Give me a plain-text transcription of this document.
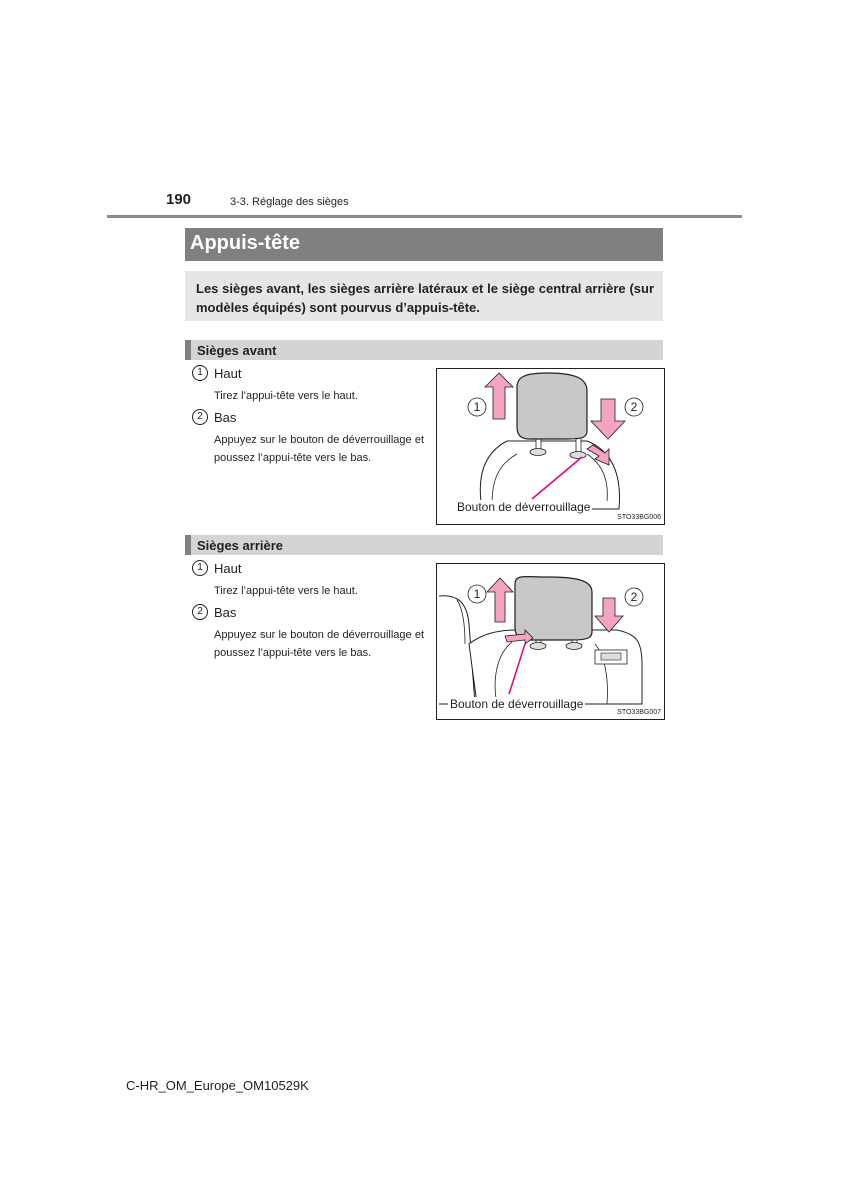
190	3-3. Réglage des sièges
Appuis-tête
Les sièges avant, les sièges arrière latéraux et le siège central arrière (sur modèles équipés) sont pourvus d’appuis-tête.
Sièges avant
1 Haut
Tirez l’appui-tête vers le haut.
2 Bas
Appuyez sur le bouton de déverrouillage et poussez l’appui-tête vers le bas.
1	2
Bouton de déverrouillage
STO33BG006
Sièges arrière
1 Haut
Tirez l’appui-tête vers le haut.
2 Bas
Appuyez sur le bouton de déverrouillage et poussez l’appui-tête vers le bas.
1	2
Bouton de déverrouillage
STO33BG007
C-HR_OM_Europe_OM10529K
